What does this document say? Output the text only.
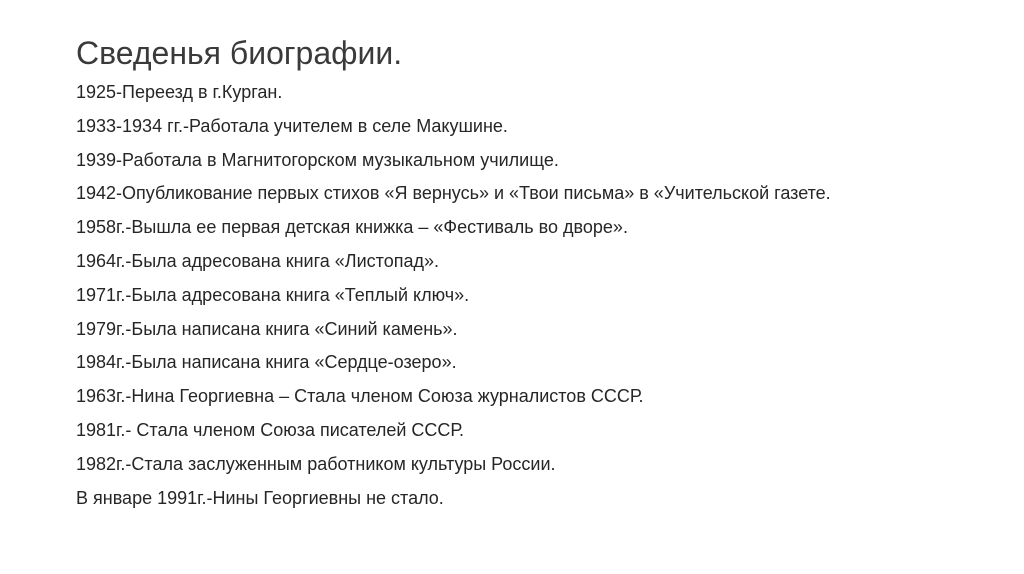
Сведенья биографии.
1925-Переезд в г.Курган.
1933-1934 гг.-Работала учителем в селе Макушине.
1939-Работала в Магнитогорском музыкальном училище.
1942-Опубликование первых стихов «Я вернусь» и «Твои письма» в «Учительской газете.
1958г.-Вышла ее первая детская книжка – «Фестиваль во дворе».
1964г.-Была адресована книга «Листопад».
1971г.-Была адресована книга «Теплый ключ».
1979г.-Была написана книга «Синий камень».
1984г.-Была написана книга «Сердце-озеро».
1963г.-Нина Георгиевна – Стала членом Союза журналистов СССР.
1981г.- Стала членом Союза писателей СССР.
1982г.-Стала заслуженным работником культуры России.
В январе 1991г.-Нины Георгиевны не стало.
